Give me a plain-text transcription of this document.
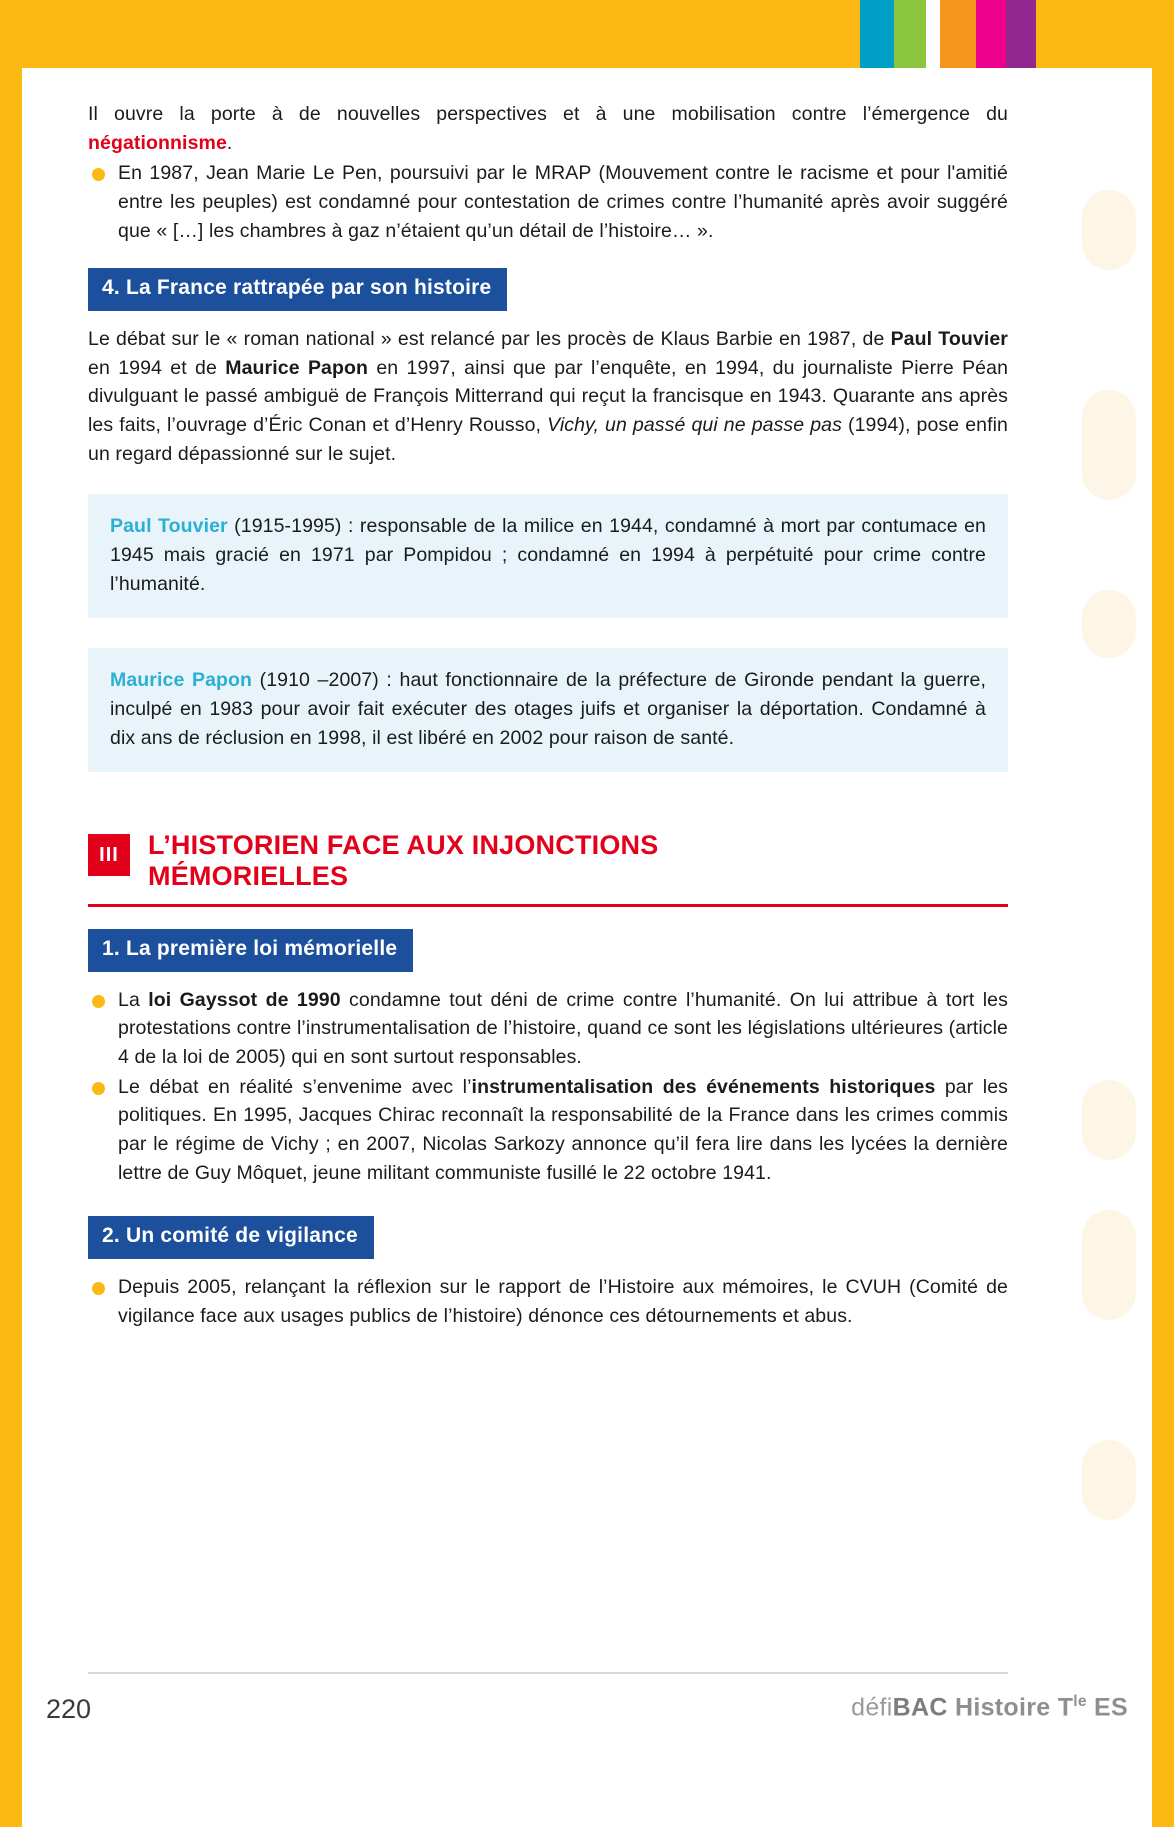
Il ouvre la porte à de nouvelles perspectives et à une mobilisation contre l’émergence du négationnisme.

En 1987, Jean Marie Le Pen, poursuivi par le MRAP (Mouvement contre le racisme et pour l'amitié entre les peuples) est condamné pour contestation de crimes contre l’humanité après avoir suggéré que « […] les chambres à gaz n’étaient qu’un détail de l’histoire… ».

4. La France rattrapée par son histoire

Le débat sur le « roman national » est relancé par les procès de Klaus Barbie en 1987, de Paul Touvier en 1994 et de Maurice Papon en 1997, ainsi que par l’enquête, en 1994, du journaliste Pierre Péan divulguant le passé ambiguë de François Mitterrand qui reçut la francisque en 1943. Quarante ans après les faits, l’ouvrage d’Éric Conan et d’Henry Rousso, Vichy, un passé qui ne passe pas (1994), pose enfin un regard dépassionné sur le sujet.

Paul Touvier (1915-1995) : responsable de la milice en 1944, condamné à mort par contumace en 1945 mais gracié en 1971 par Pompidou ; condamné en 1994 à perpétuité pour crime contre l’humanité.
Maurice Papon (1910 –2007) : haut fonctionnaire de la préfecture de Gironde pendant la guerre, inculpé en 1983 pour avoir fait exécuter des otages juifs et organiser la déportation. Condamné à dix ans de réclusion en 1998, il est libéré en 2002 pour raison de santé.
III	L’HISTORIEN FACE AUX INJONCTIONS
MÉMORIELLES
1. La première loi mémorielle

La loi Gayssot de 1990 condamne tout déni de crime contre l’humanité. On lui attribue à tort les protestations contre l’instrumentalisation de l’histoire, quand ce sont les législations ultérieures (article 4 de la loi de 2005) qui en sont surtout responsables.

Le débat en réalité s’envenime avec l’instrumentalisation des événements historiques par les politiques. En 1995, Jacques Chirac reconnaît la responsabilité de la France dans les crimes commis par le régime de Vichy ; en 2007, Nicolas Sarkozy annonce qu’il fera lire dans les lycées la dernière lettre de Guy Môquet, jeune militant communiste fusillé le 22 octobre 1941.

2. Un comité de vigilance

Depuis 2005, relançant la réflexion sur le rapport de l’Histoire aux mémoires, le CVUH (Comité de vigilance face aux usages publics de l’histoire) dénonce ces détournements et abus.

220	défiBAC Histoire $T^{le}$ ES
